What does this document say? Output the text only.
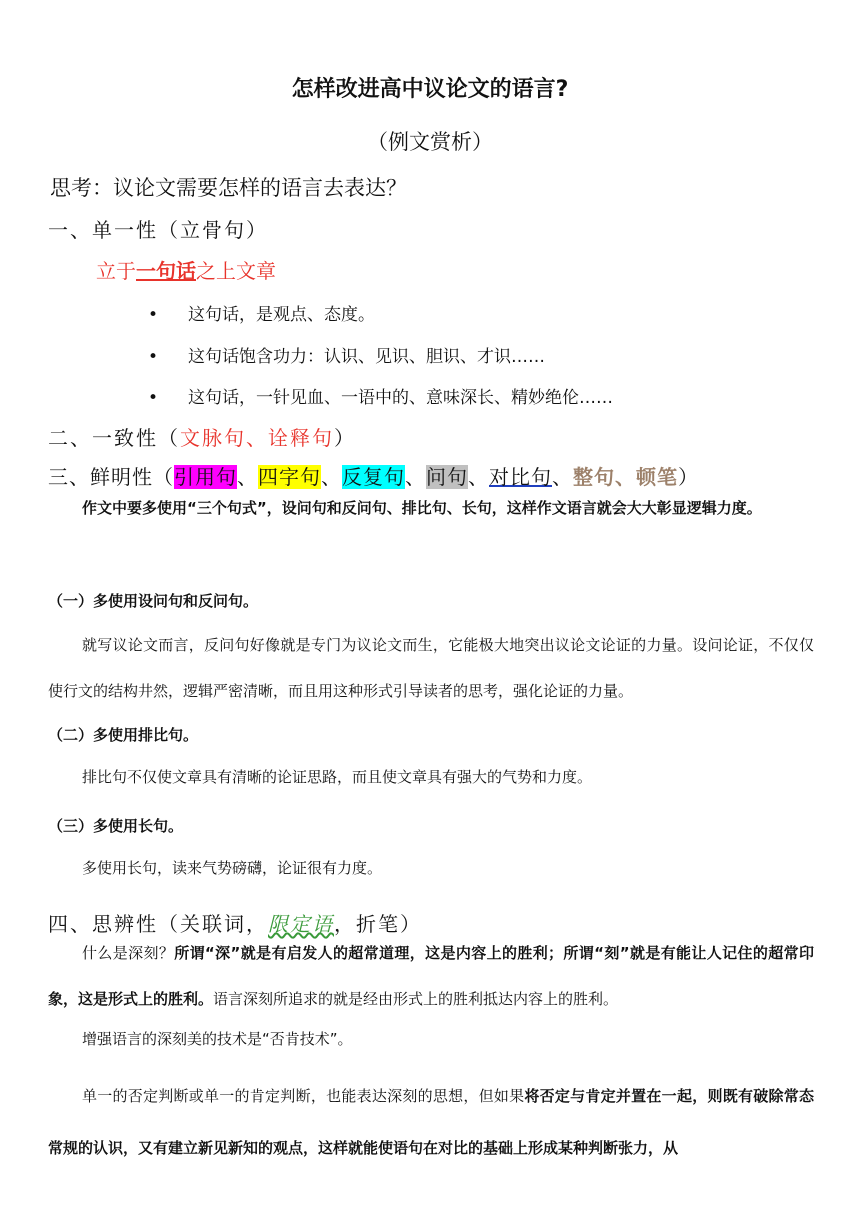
怎样改进高中议论文的语言?
（例文赏析）
思考：议论文需要怎样的语言去表达？
一、单一性（立骨句）
立于一句话之上文章
• 这句话，是观点、态度。
• 这句话饱含功力：认识、见识、胆识、才识……
• 这句话，一针见血、一语中的、意味深长、精妙绝伦……
二、一致性（文脉句、诠释句）
三、鲜明性（引用句、四字句、反复句、问句、对比句、整句、顿笔）
作文中要多使用“三个句式”，设问句和反问句、排比句、长句，这样作文语言就会大大彰显逻辑力度。
（一）多使用设问句和反问句。
就写议论文而言，反问句好像就是专门为议论文而生，它能极大地突出议论文论证的力量。设问论证，不仅仅使行文的结构井然，逻辑严密清晰，而且用这种形式引导读者的思考，强化论证的力量。
（二）多使用排比句。
排比句不仅使文章具有清晰的论证思路，而且使文章具有强大的气势和力度。
（三）多使用长句。
多使用长句，读来气势磅礴，论证很有力度。
四、思辨性（关联词，限定语，折笔）
什么是深刻？所谓“深”就是有启发人的超常道理，这是内容上的胜利；所谓“刻”就是有能让人记住的超常印象，这是形式上的胜利。语言深刻所追求的就是经由形式上的胜利抵达内容上的胜利。
增强语言的深刻美的技术是“否肯技术”。
单一的否定判断或单一的肯定判断，也能表达深刻的思想，但如果将否定与肯定并置在一起，则既有破除常态常规的认识，又有建立新见新知的观点，这样就能使语句在对比的基础上形成某种判断张力，从
